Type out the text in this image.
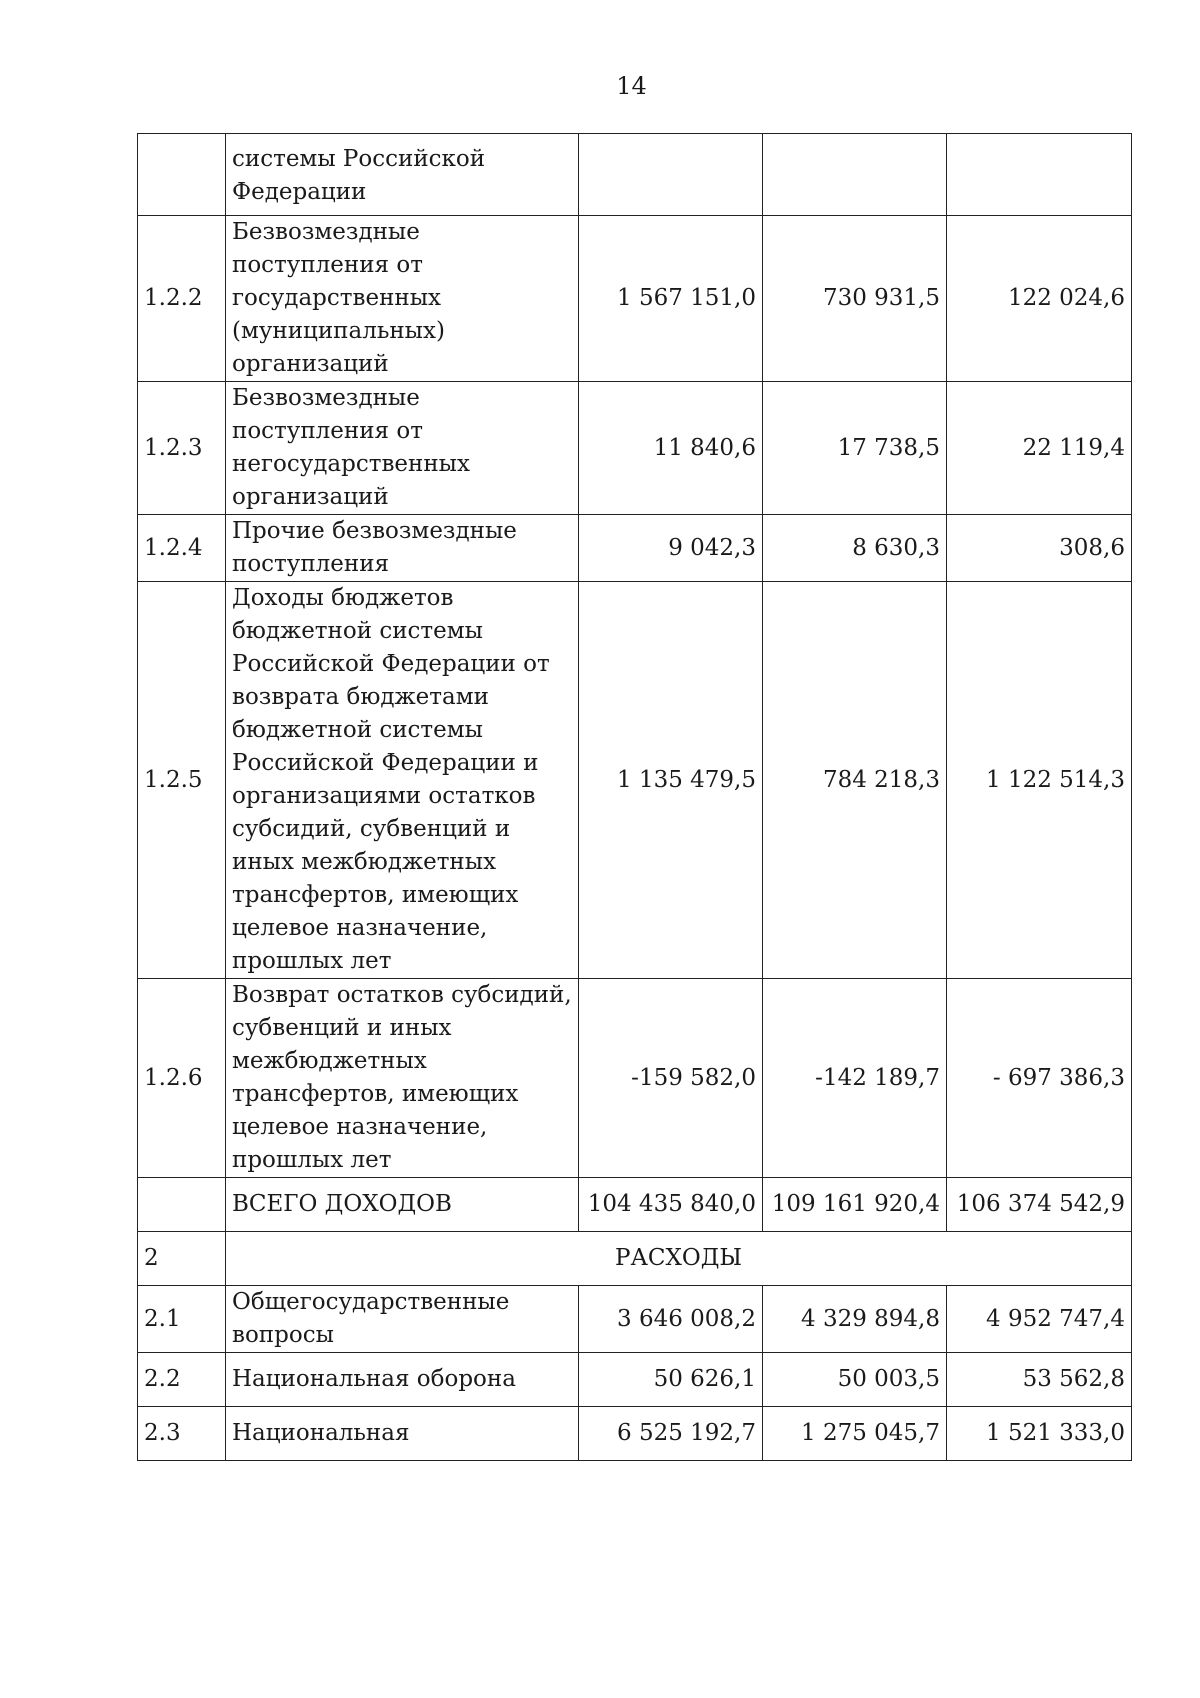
14
	системы Российской Федерации			
1.2.2	Безвозмездные поступления от государственных (муниципальных) организаций	1 567 151,0	730 931,5	122 024,6
1.2.3	Безвозмездные поступления от негосударственных организаций	11 840,6	17 738,5	22 119,4
1.2.4	Прочие безвозмездные поступления	9 042,3	8 630,3	308,6
1.2.5	Доходы бюджетов бюджетной системы Российской Федерации от возврата бюджетами бюджетной системы Российской Федерации и организациями остатков субсидий, субвенций и иных межбюджетных трансфертов, имеющих целевое назначение, прошлых лет	1 135 479,5	784 218,3	1 122 514,3
1.2.6	Возврат остатков субсидий, субвенций и иных межбюджетных трансфертов, имеющих целевое назначение, прошлых лет	-159 582,0	-142 189,7	- 697 386,3
	ВСЕГО ДОХОДОВ	104 435 840,0	109 161 920,4	106 374 542,9
2	РАСХОДЫ			
2.1	Общегосударственные вопросы	3 646 008,2	4 329 894,8	4 952 747,4
2.2	Национальная оборона	50 626,1	50 003,5	53 562,8
2.3	Национальная	6 525 192,7	1 275 045,7	1 521 333,0
